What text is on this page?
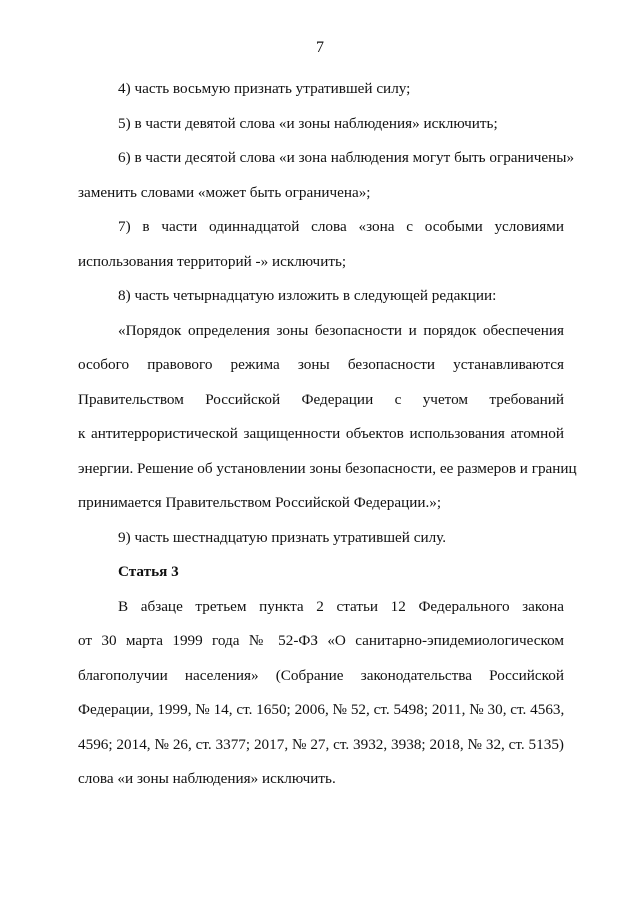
7
4) часть восьмую признать утратившей силу;
5) в части девятой слова «и зоны наблюдения» исключить;
6) в части десятой слова «и зона наблюдения могут быть ограничены»
заменить словами «может быть ограничена»;
7) в части одиннадцатой слова «зона с особыми условиями
использования территорий -» исключить;
8) часть четырнадцатую изложить в следующей редакции:
«Порядок определения зоны безопасности и порядок обеспечения
особого правового режима зоны безопасности устанавливаются
Правительством Российской Федерации с учетом требований
к антитеррористической защищенности объектов использования атомной
энергии. Решение об установлении зоны безопасности, ее размеров и границ
принимается Правительством Российской Федерации.»;
9) часть шестнадцатую признать утратившей силу.
Статья 3
В абзаце третьем пункта 2 статьи 12 Федерального закона
от 30 марта 1999 года № 52-ФЗ «О санитарно-эпидемиологическом
благополучии населения» (Собрание законодательства Российской
Федерации, 1999, № 14, ст. 1650; 2006, № 52, ст. 5498; 2011, № 30, ст. 4563,
4596; 2014, № 26, ст. 3377; 2017, № 27, ст. 3932, 3938; 2018, № 32, ст. 5135)
слова «и зоны наблюдения» исключить.
